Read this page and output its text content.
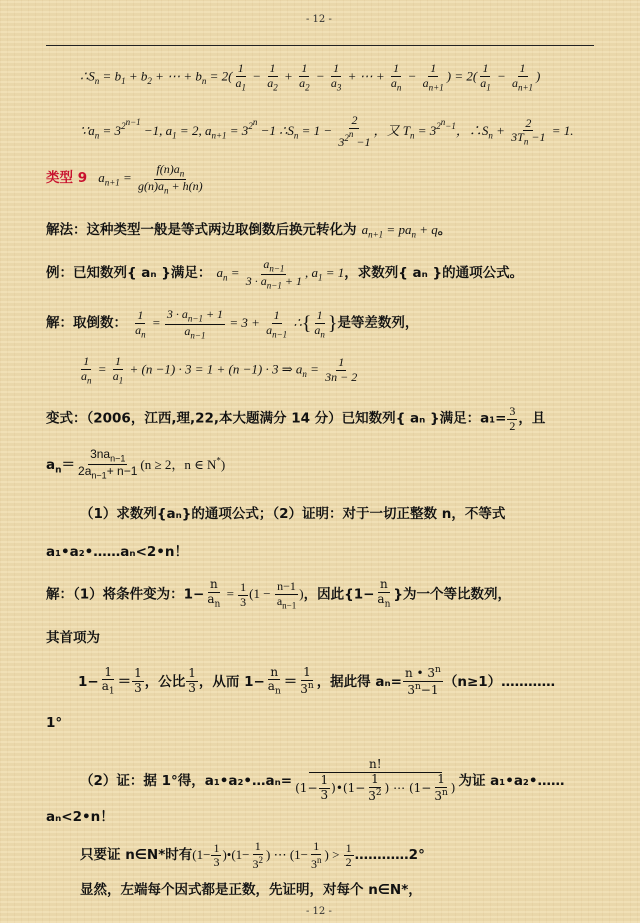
- 12 -
$\therefore S_n = b_1 + b_2$ + ⋯ + $b_n = 2( \frac{1}{a_1} - \frac{1}{a_2} + \frac{1}{a_2} - \frac{1}{a_3}$ + ⋯ + $\frac{1}{a_n} - \frac{1}{a_{n+1}}$ ) = $2( \frac{1}{a_1} - \frac{1}{a_{n+1}}$ )
$\because a_n = 3^{2^{n-1}} -1$, $a_1 = 2$, $a_{n+1} = 3^{2^n} -1$ $\therefore S_n = 1 - \frac{2}{3^{2^n} -1}$ ，又 $T_n = 3^{2^n-1}$，$\therefore S_n + \frac{2}{3T_n -1} = 1$.
类型 9 $a_{n+1} = \frac{f(n)a_n}{g(n)a_n + h(n)}$
解法：这种类型一般是等式两边取倒数后换元转化为 $a_{n+1} = pa_n + q$。
例：已知数列{ aₙ }满足： $a_n = \frac{a_{n-1}}{3 \cdot a_{n-1} + 1}$ , $a_1 = 1$，求数列{ aₙ }的通项公式。
解：取倒数： $\frac{1}{a_n} = \frac{3 \cdot a_{n-1} + 1}{a_{n-1}} = 3 + \frac{1}{a_{n-1}}$ ∴{ $\frac{1}{a_n}$ }是等差数列，
$\frac{1}{a_n} = \frac{1}{a_1} + (n -1) \cdot 3 = 1 + (n -1) \cdot 3$ ⇒ $a_n = \frac{1}{3n - 2}$
变式：（2006，江西,理,22,本大题满分 14 分）已知数列{ aₙ }满足：$a_1= \frac{3}{2}$ ，且
$a_n= \frac{3na_{n-1}}{2a_{n-1}+ n-1} (n \ge 2$，n ∈ N*)
（1）求数列{aₙ}的通项公式；（2）证明：对于一切正整数 n，不等式
a₁•a₂•……aₙ<2•n！
解：（1）将条件变为：$1- \frac{n}{a_n} = \frac{1}{3} (1 - \frac{n-1}{a_{n-1}}$ )，因此{$1- \frac{n}{a_n}$ }为一个等比数列，
其首项为
$1- \frac{1}{a_1} = \frac{1}{3}$ ，公比 $\frac{1}{3}$ ，从而 $1- \frac{n}{a_n} = \frac{1}{3^n}$ ，据此得 $a_n= \frac{n • 3^n}{3^n-1}$ （n≥1）…………
1°
（2）证：据 1°得，a₁•a₂•…aₙ= $\frac{n!}{(1- \frac{1}{3} )•(1- \frac{1}{3^2} ) \cdots (1- \frac{1}{3^n} )}$ 为证 a₁•a₂•……
aₙ<2•n！
只要证 n∈N*时有($1- \frac{1}{3}$ )•(1− $\frac{1}{3^2}$ ) ⋯ ($1- \frac{1}{3^n}$ ) > $\frac{1}{2}$ …………2°
显然，左端每个因式都是正数，先证明，对每个 n∈N*，
- 12 -
